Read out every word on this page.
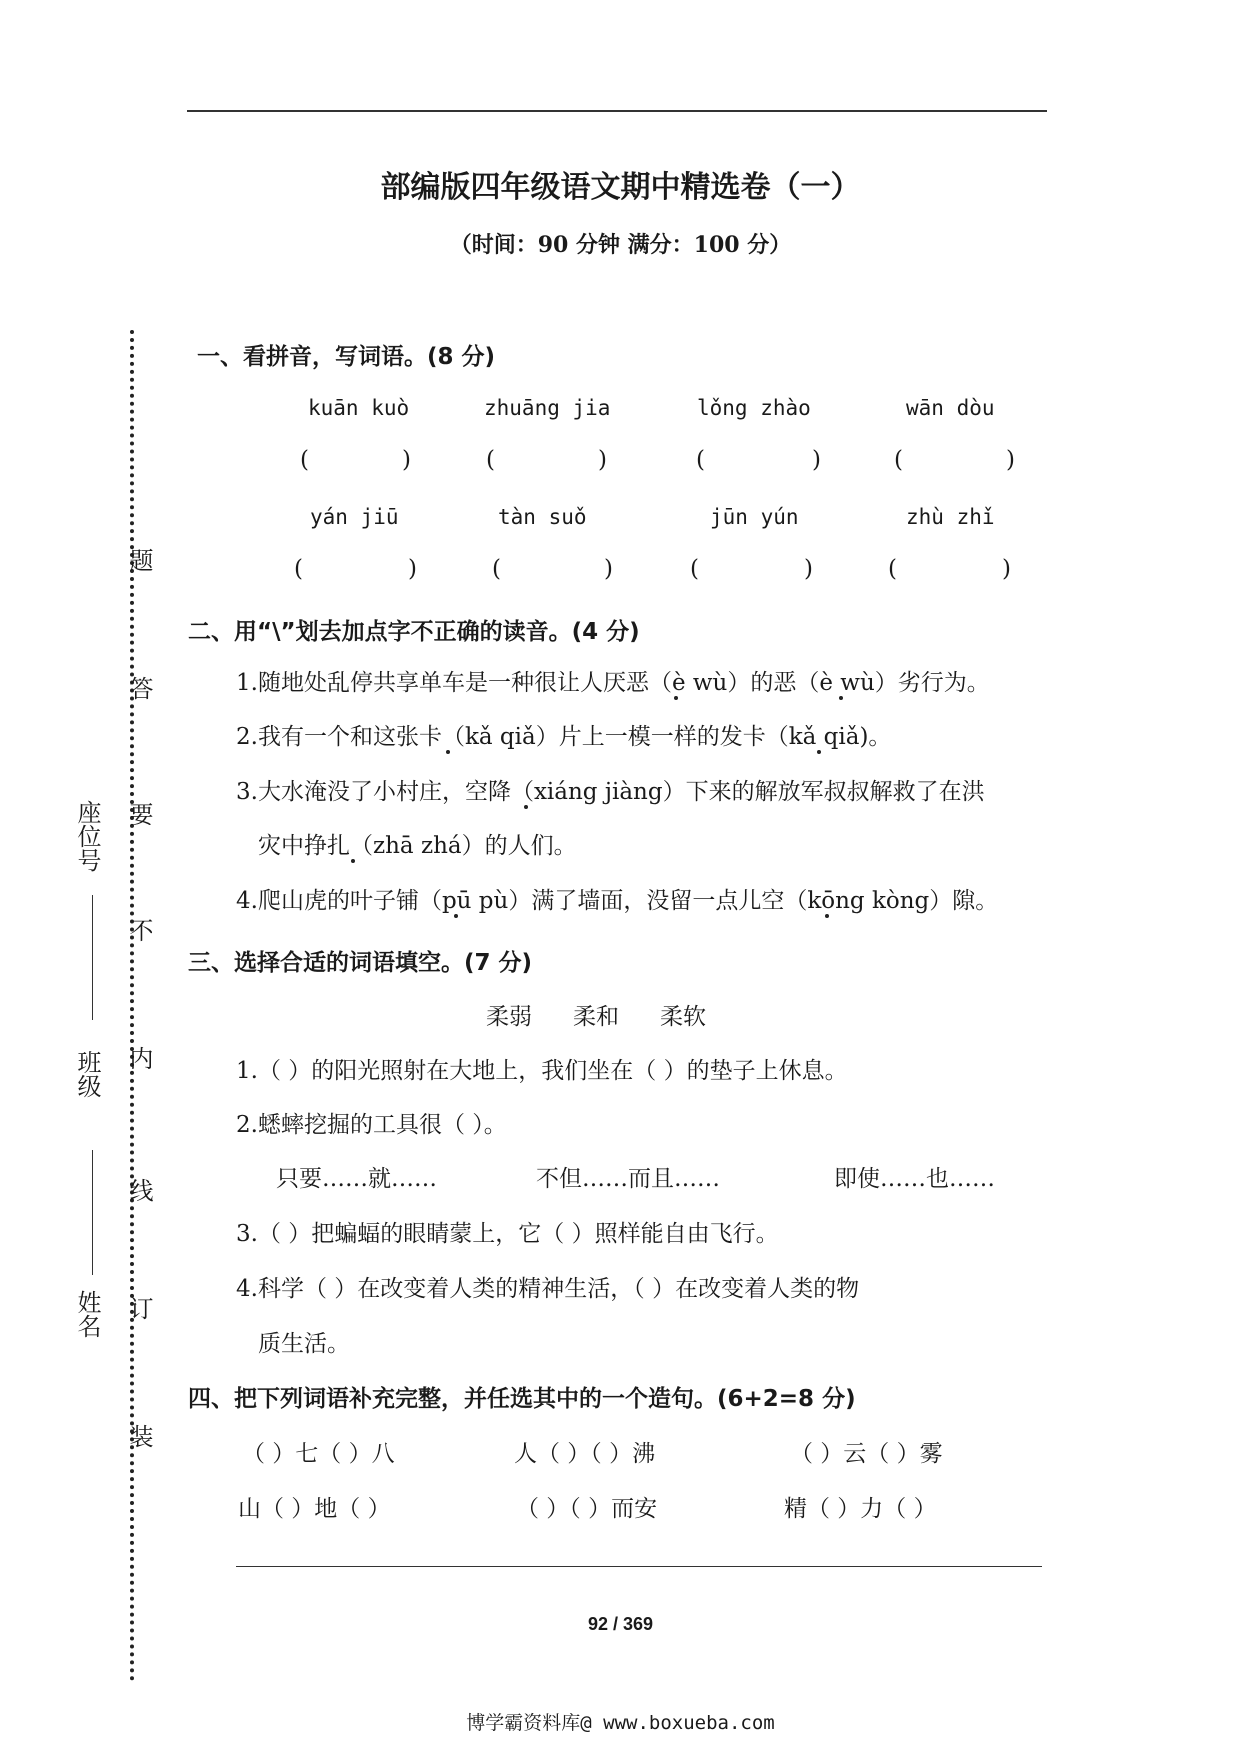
部编版四年级语文期中精选卷（一）
（时间：90 分钟 满分：100 分）
题
答
要
不
内
线
订
装
座位号
班级
姓名
一、看拼音，写词语。(8 分)
kuān kuò	zhuāng jia	lǒng zhào	wān dòu
(	)	(	)	(	)	(	)
yán jiū	tàn suǒ	jūn yún	zhù zhǐ
(	)	(	)	(	)	(	)
二、用“\”划去加点字不正确的读音。(4 分)
1.随地处乱停共享单车是一种很让人厌恶（è wù）的恶（è wù）劣行为。
2.我有一个和这张卡（kǎ qiǎ）片上一模一样的发卡（kǎ qiǎ)。
3.大水淹没了小村庄，空降（xiáng jiàng）下来的解放军叔叔解救了在洪
灾中挣扎（zhā zhá）的人们。
4.爬山虎的叶子铺（pū pù）满了墙面，没留一点儿空（kōng kòng）隙。
三、选择合适的词语填空。(7 分)
柔弱 柔和 柔软
1.（ ）的阳光照射在大地上，我们坐在（ ）的垫子上休息。
2.蟋蟀挖掘的工具很（ ）。
只要……就……	不但……而且……	即使……也……
3.（ ）把蝙蝠的眼睛蒙上，它（ ）照样能自由飞行。
4.科学（ ）在改变着人类的精神生活，（ ）在改变着人类的物
质生活。
四、把下列词语补充完整，并任选其中的一个造句。(6+2=8 分)
（ ）七（ ）八	人（ ）（ ）沸	（ ）云（ ）雾
山（ ）地（ ）	（ ）（ ）而安	精（ ）力（ ）
92 / 369
博学霸资料库@ www.boxueba.com
